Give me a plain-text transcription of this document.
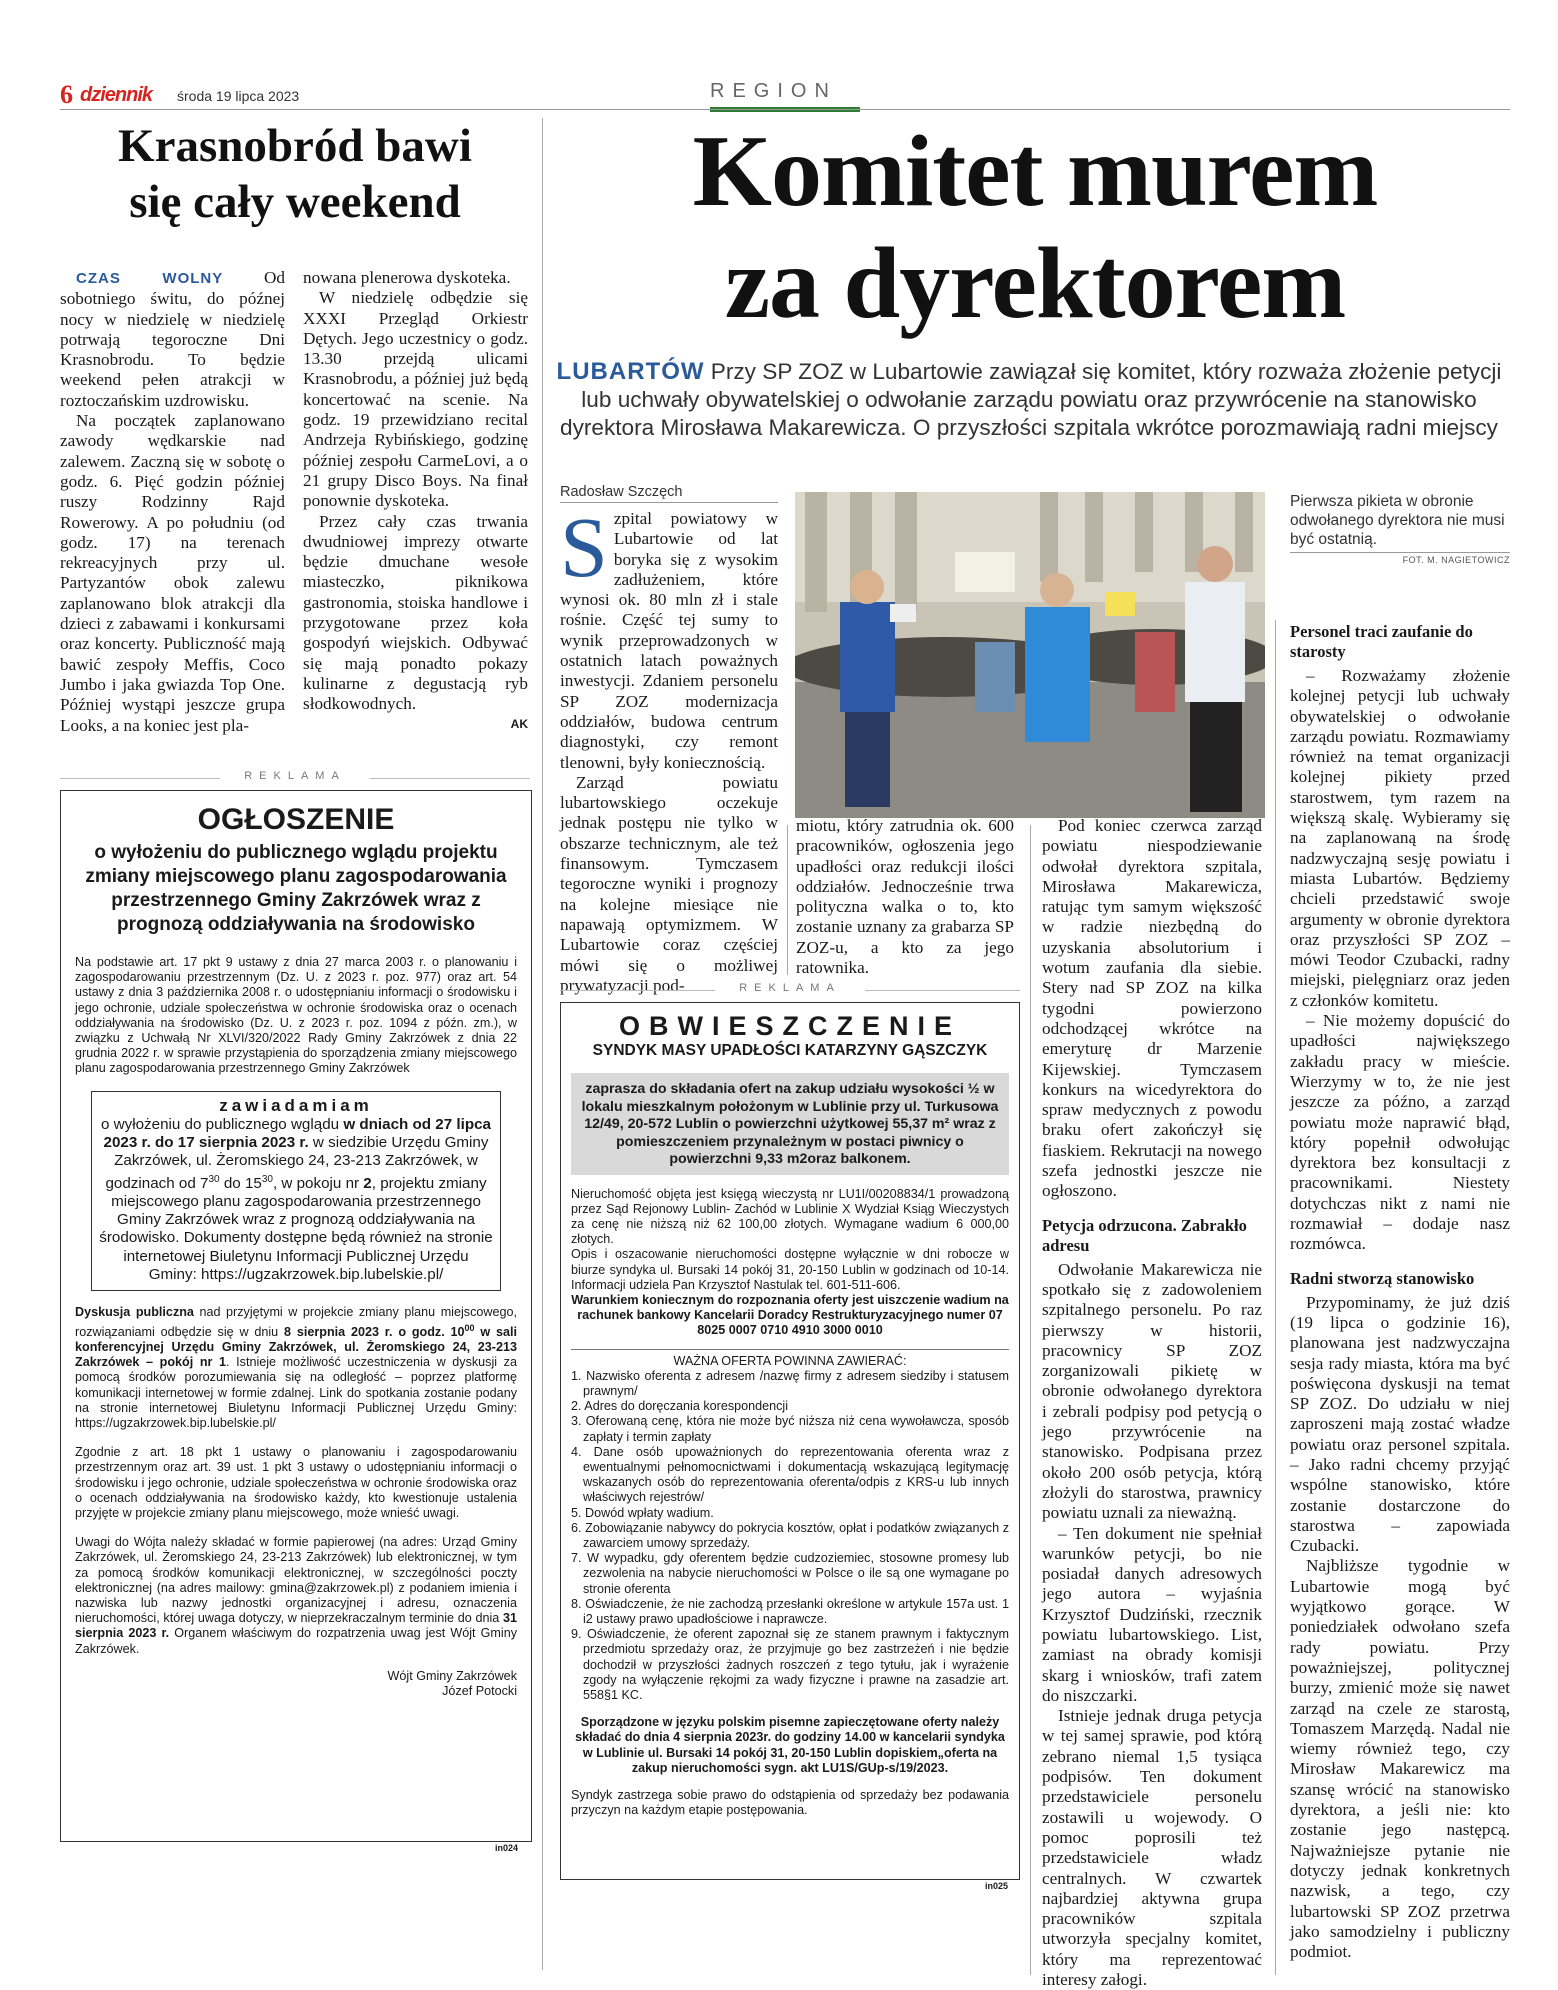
6 dziennik środa 19 lipca 2023	REGION
Krasnobród bawi
się cały weekend

CZAS WOLNY Od sobotniego świtu, do późnej nocy w niedzielę w niedzielę potrwają tegoroczne Dni Krasnobrodu. To będzie weekend pełen atrakcji w roztoczańskim uzdrowisku.

Na początek zaplanowano zawody wędkarskie nad zalewem. Zaczną się w sobotę o godz. 6. Pięć godzin później ruszy Rodzinny Rajd Rowerowy. A po południu (od godz. 17) na terenach rekreacyjnych przy ul. Partyzantów obok zalewu zaplanowano blok atrakcji dla dzieci z zabawami i konkursami oraz koncerty. Publiczność mają bawić zespoły Meffis, Coco Jumbo i jaka gwiazda Top One. Później wystąpi jeszcze grupa Looks, a na koniec jest pla-

nowana plenerowa dyskoteka.

W niedzielę odbędzie się XXXI Przegląd Orkiestr Dętych. Jego uczestnicy o godz. 13.30 przejdą ulicami Krasnobrodu, a później już będą koncertować na scenie. Na godz. 19 przewidziano recital Andrzeja Rybińskiego, godzinę później zespołu CarmeLovi, a o 21 grupy Disco Boys. Na finał ponownie dyskoteka.

Przez cały czas trwania dwudniowej imprezy otwarte będzie dmuchane wesołe miasteczko, piknikowa gastronomia, stoiska handlowe i przygotowane przez koła gospodyń wiejskich. Odbywać się mają ponadto pokazy kulinarne z degustacją ryb słodkowodnych.

AK
REKLAMA
OGŁOSZENIE
o wyłożeniu do publicznego wglądu projektu zmiany miejscowego planu zagospodarowania przestrzennego Gminy Zakrzówek wraz z prognozą oddziaływania na środowisko

Na podstawie art. 17 pkt 9 ustawy z dnia 27 marca 2003 r. o planowaniu i zagospodarowaniu przestrzennym (Dz. U. z 2023 r. poz. 977) oraz art. 54 ustawy z dnia 3 października 2008 r. o udostępnianiu informacji o środowisku i jego ochronie, udziale społeczeństwa w ochronie środowiska oraz o ocenach oddziaływania na środowisko (Dz. U. z 2023 r. poz. 1094 z późn. zm.), w związku z Uchwałą Nr XLVI/320/2022 Rady Gminy Zakrzówek z dnia 22 grudnia 2022 r. w sprawie przystąpienia do sporządzenia zmiany miejscowego planu zagospodarowania przestrzennego Gminy Zakrzówek

zawiadamiam
o wyłożeniu do publicznego wglądu w dniach od 27 lipca 2023 r. do 17 sierpnia 2023 r. w siedzibie Urzędu Gminy Zakrzówek, ul. Żeromskiego 24, 23-213 Zakrzówek, w godzinach od $7^{30}$ do $15^{30}$, w pokoju nr 2, projektu zmiany miejscowego planu zagospodarowania przestrzennego Gminy Zakrzówek wraz z prognozą oddziaływania na środowisko. Dokumenty dostępne będą również na stronie internetowej Biuletynu Informacji Publicznej Urzędu Gminy: https://ugzakrzowek.bip.lubelskie.pl/

Dyskusja publiczna nad przyjętymi w projekcie zmiany planu miejscowego, rozwiązaniami odbędzie się w dniu 8 sierpnia 2023 r. o godz. $10^{00}$ w sali konferencyjnej Urzędu Gminy Zakrzówek, ul. Żeromskiego 24, 23-213 Zakrzówek – pokój nr 1. Istnieje możliwość uczestniczenia w dyskusji za pomocą środków porozumiewania się na odległość – poprzez platformę komunikacji internetowej w formie zdalnej. Link do spotkania zostanie podany na stronie internetowej Biuletynu Informacji Publicznej Urzędu Gminy: https://ugzakrzowek.bip.lubelskie.pl/

Zgodnie z art. 18 pkt 1 ustawy o planowaniu i zagospodarowaniu przestrzennym oraz art. 39 ust. 1 pkt 3 ustawy o udostępnianiu informacji o środowisku i jego ochronie, udziale społeczeństwa w ochronie środowiska oraz o ocenach oddziaływania na środowisko każdy, kto kwestionuje ustalenia przyjęte w projekcie zmiany planu miejscowego, może wnieść uwagi.

Uwagi do Wójta należy składać w formie papierowej (na adres: Urząd Gminy Zakrzówek, ul. Żeromskiego 24, 23-213 Zakrzówek) lub elektronicznej, w tym za pomocą środków komunikacji elektronicznej, w szczególności poczty elektronicznej (na adres mailowy: gmina@zakrzowek.pl) z podaniem imienia i nazwiska lub nazwy jednostki organizacyjnej i adresu, oznaczenia nieruchomości, której uwaga dotyczy, w nieprzekraczalnym terminie do dnia 31 sierpnia 2023 r. Organem właściwym do rozpatrzenia uwag jest Wójt Gminy Zakrzówek.

Wójt Gminy Zakrzówek
Józef Potocki
in024
Komitet murem
za dyrektorem
LUBARTÓW Przy SP ZOZ w Lubartowie zawiązał się komitet, który rozważa złożenie petycji lub uchwały obywatelskiej o odwołanie zarządu powiatu oraz przywrócenie na stanowisko dyrektora Mirosława Makarewicza. O przyszłości szpitala wkrótce porozmawiają radni miejscy
Pierwsza pikieta w obronie odwołanego dyrektora nie musi być ostatnią.
FOT. M. NAGIETOWICZ
Radosław Szczęch
S zpital powiatowy w Lubartowie od lat boryka się z wysokim zadłużeniem, które wynosi ok. 80 mln zł i stale rośnie. Część tej sumy to wynik przeprowadzonych w ostatnich latach poważnych inwestycji. Zdaniem personelu SP ZOZ modernizacja oddziałów, budowa centrum diagnostyki, czy remont tlenowni, były koniecznością.

Zarząd powiatu lubartowskiego oczekuje jednak postępu nie tylko w obszarze technicznym, ale też finansowym. Tymczasem tegoroczne wyniki i prognozy na kolejne miesiące nie napawają optymizmem. W Lubartowie coraz częściej mówi się o możliwej prywatyzacji pod-

miotu, który zatrudnia ok. 600 pracowników, ogłoszenia jego upadłości oraz redukcji ilości oddziałów. Jednocześnie trwa polityczna walka o to, kto zostanie uznany za grabarza SP ZOZ-u, a kto za jego ratownika.

Pod koniec czerwca zarząd powiatu niespodziewanie odwołał dyrektora szpitala, Mirosława Makarewicza, ratując tym samym większość w radzie niezbędną do uzyskania absolutorium i wotum zaufania dla siebie. Stery nad SP ZOZ na kilka tygodni powierzono odchodzącej wkrótce na emeryturę dr Marzenie Kijewskiej. Tymczasem konkurs na wicedyrektora do spraw medycznych z powodu braku ofert zakończył się fiaskiem. Rekrutacji na nowego szefa jednostki jeszcze nie ogłoszono.

Petycja odrzucona. Zabrakło adresu

Odwołanie Makarewicza nie spotkało się z zadowoleniem szpitalnego personelu. Po raz pierwszy w historii, pracownicy SP ZOZ zorganizowali pikietę w obronie odwołanego dyrektora i zebrali podpisy pod petycją o jego przywrócenie na stanowisko. Podpisana przez około 200 osób petycja, którą złożyli do starostwa, prawnicy powiatu uznali za nieważną.

– Ten dokument nie spełniał warunków petycji, bo nie posiadał danych adresowych jego autora – wyjaśnia Krzysztof Dudziński, rzecznik powiatu lubartowskiego. List, zamiast na obrady komisji skarg i wniosków, trafi zatem do niszczarki.

Istnieje jednak druga petycja w tej samej sprawie, pod którą zebrano niemal 1,5 tysiąca podpisów. Ten dokument przedstawiciele personelu zostawili u wojewody. O pomoc poprosili też przedstawiciele władz centralnych. W czwartek najbardziej aktywna grupa pracowników szpitala utworzyła specjalny komitet, który ma reprezentować interesy załogi.

Personel traci zaufanie do starosty

– Rozważamy złożenie kolejnej petycji lub uchwały obywatelskiej o odwołanie zarządu powiatu. Rozmawiamy również na temat organizacji kolejnej pikiety przed starostwem, tym razem na większą skalę. Wybieramy się na zaplanowaną na środę nadzwyczajną sesję powiatu i miasta Lubartów. Będziemy chcieli przedstawić swoje argumenty w obronie dyrektora oraz przyszłości SP ZOZ – mówi Teodor Czubacki, radny miejski, pielęgniarz oraz jeden z członków komitetu.

– Nie możemy dopuścić do upadłości największego zakładu pracy w mieście. Wierzymy w to, że nie jest jeszcze za późno, a zarząd powiatu może naprawić błąd, który popełnił odwołując dyrektora bez konsultacji z pracownikami. Niestety dotychczas nikt z nami nie rozmawiał – dodaje nasz rozmówca.

Radni stworzą stanowisko

Przypominamy, że już dziś (19 lipca o godzinie 16), planowana jest nadzwyczajna sesja rady miasta, która ma być poświęcona dyskusji na temat SP ZOZ. Do udziału w niej zaproszeni mają zostać władze powiatu oraz personel szpitala. – Jako radni chcemy przyjąć wspólne stanowisko, które zostanie dostarczone do starostwa – zapowiada Czubacki.

Najbliższe tygodnie w Lubartowie mogą być wyjątkowo gorące. W poniedziałek odwołano szefa rady powiatu. Przy poważniejszej, politycznej burzy, zmienić może się nawet zarząd na czele ze starostą, Tomaszem Marzędą. Nadal nie wiemy również tego, czy Mirosław Makarewicz ma szansę wrócić na stanowisko dyrektora, a jeśli nie: kto zostanie jego następcą. Najważniejsze pytanie nie dotyczy jednak konkretnych nazwisk, a tego, czy lubartowski SP ZOZ przetrwa jako samodzielny i publiczny podmiot.

REKLAMA
OBWIESZCZENIE
SYNDYK MASY UPADŁOŚCI KATARZYNY GĄSZCZYK
zaprasza do składania ofert na zakup udziału wysokości ½ w lokalu mieszkalnym położonym w Lublinie przy ul. Turkusowa 12/49, 20-572 Lublin o powierzchni użytkowej 55,37 m² wraz z pomieszczeniem przynależnym w postaci piwnicy o powierzchni 9,33 m2oraz balkonem.

Nieruchomość objęta jest księgą wieczystą nr LU1I/00208834/1 prowadzoną przez Sąd Rejonowy Lublin- Zachód w Lublinie X Wydział Ksiąg Wieczystych za cenę nie niższą niż 62 100,00 złotych. Wymagane wadium 6 000,00 złotych.

Opis i oszacowanie nieruchomości dostępne wyłącznie w dni robocze w biurze syndyka ul. Bursaki 14 pokój 31, 20-150 Lublin w godzinach od 10-14. Informacji udziela Pan Krzysztof Nastulak tel. 601-511-606.

Warunkiem koniecznym do rozpoznania oferty jest uiszczenie wadium na rachunek bankowy Kancelarii Doradcy Restrukturyzacyjnego numer 07 8025 0007 0710 4910 3000 0010

WAŻNA OFERTA POWINNA ZAWIERAĆ:
1. Nazwisko oferenta z adresem /nazwę firmy z adresem siedziby i statusem prawnym/
2. Adres do doręczania korespondencji
3. Oferowaną cenę, która nie może być niższa niż cena wywoławcza, sposób zapłaty i termin zapłaty
4. Dane osób upoważnionych do reprezentowania oferenta wraz z ewentualnymi pełnomocnictwami i dokumentacją wskazującą legitymację wskazanych osób do reprezentowania oferenta/odpis z KRS-u lub innych właściwych rejestrów/
5. Dowód wpłaty wadium.
6. Zobowiązanie nabywcy do pokrycia kosztów, opłat i podatków związanych z zawarciem umowy sprzedaży.
7. W wypadku, gdy oferentem będzie cudzoziemiec, stosowne promesy lub zezwolenia na nabycie nieruchomości w Polsce o ile są one wymagane po stronie oferenta
8. Oświadczenie, że nie zachodzą przesłanki określone w artykule 157a ust. 1 i2 ustawy prawo upadłościowe i naprawcze.
9. Oświadczenie, że oferent zapoznał się ze stanem prawnym i faktycznym przedmiotu sprzedaży oraz, że przyjmuje go bez zastrzeżeń i nie będzie dochodził w przyszłości żadnych roszczeń z tego tytułu, jak i wyrażenie zgody na wyłączenie rękojmi za wady fizyczne i prawne na zasadzie art. 558§1 KC.

Sporządzone w języku polskim pisemne zapieczętowane oferty należy składać do dnia 4 sierpnia 2023r. do godziny 14.00 w kancelarii syndyka w Lublinie ul. Bursaki 14 pokój 31, 20-150 Lublin dopiskiem„oferta na zakup nieruchomości sygn. akt LU1S/GUp-s/19/2023.

Syndyk zastrzega sobie prawo do odstąpienia od sprzedaży bez podawania przyczyn na każdym etapie postępowania.

in025
